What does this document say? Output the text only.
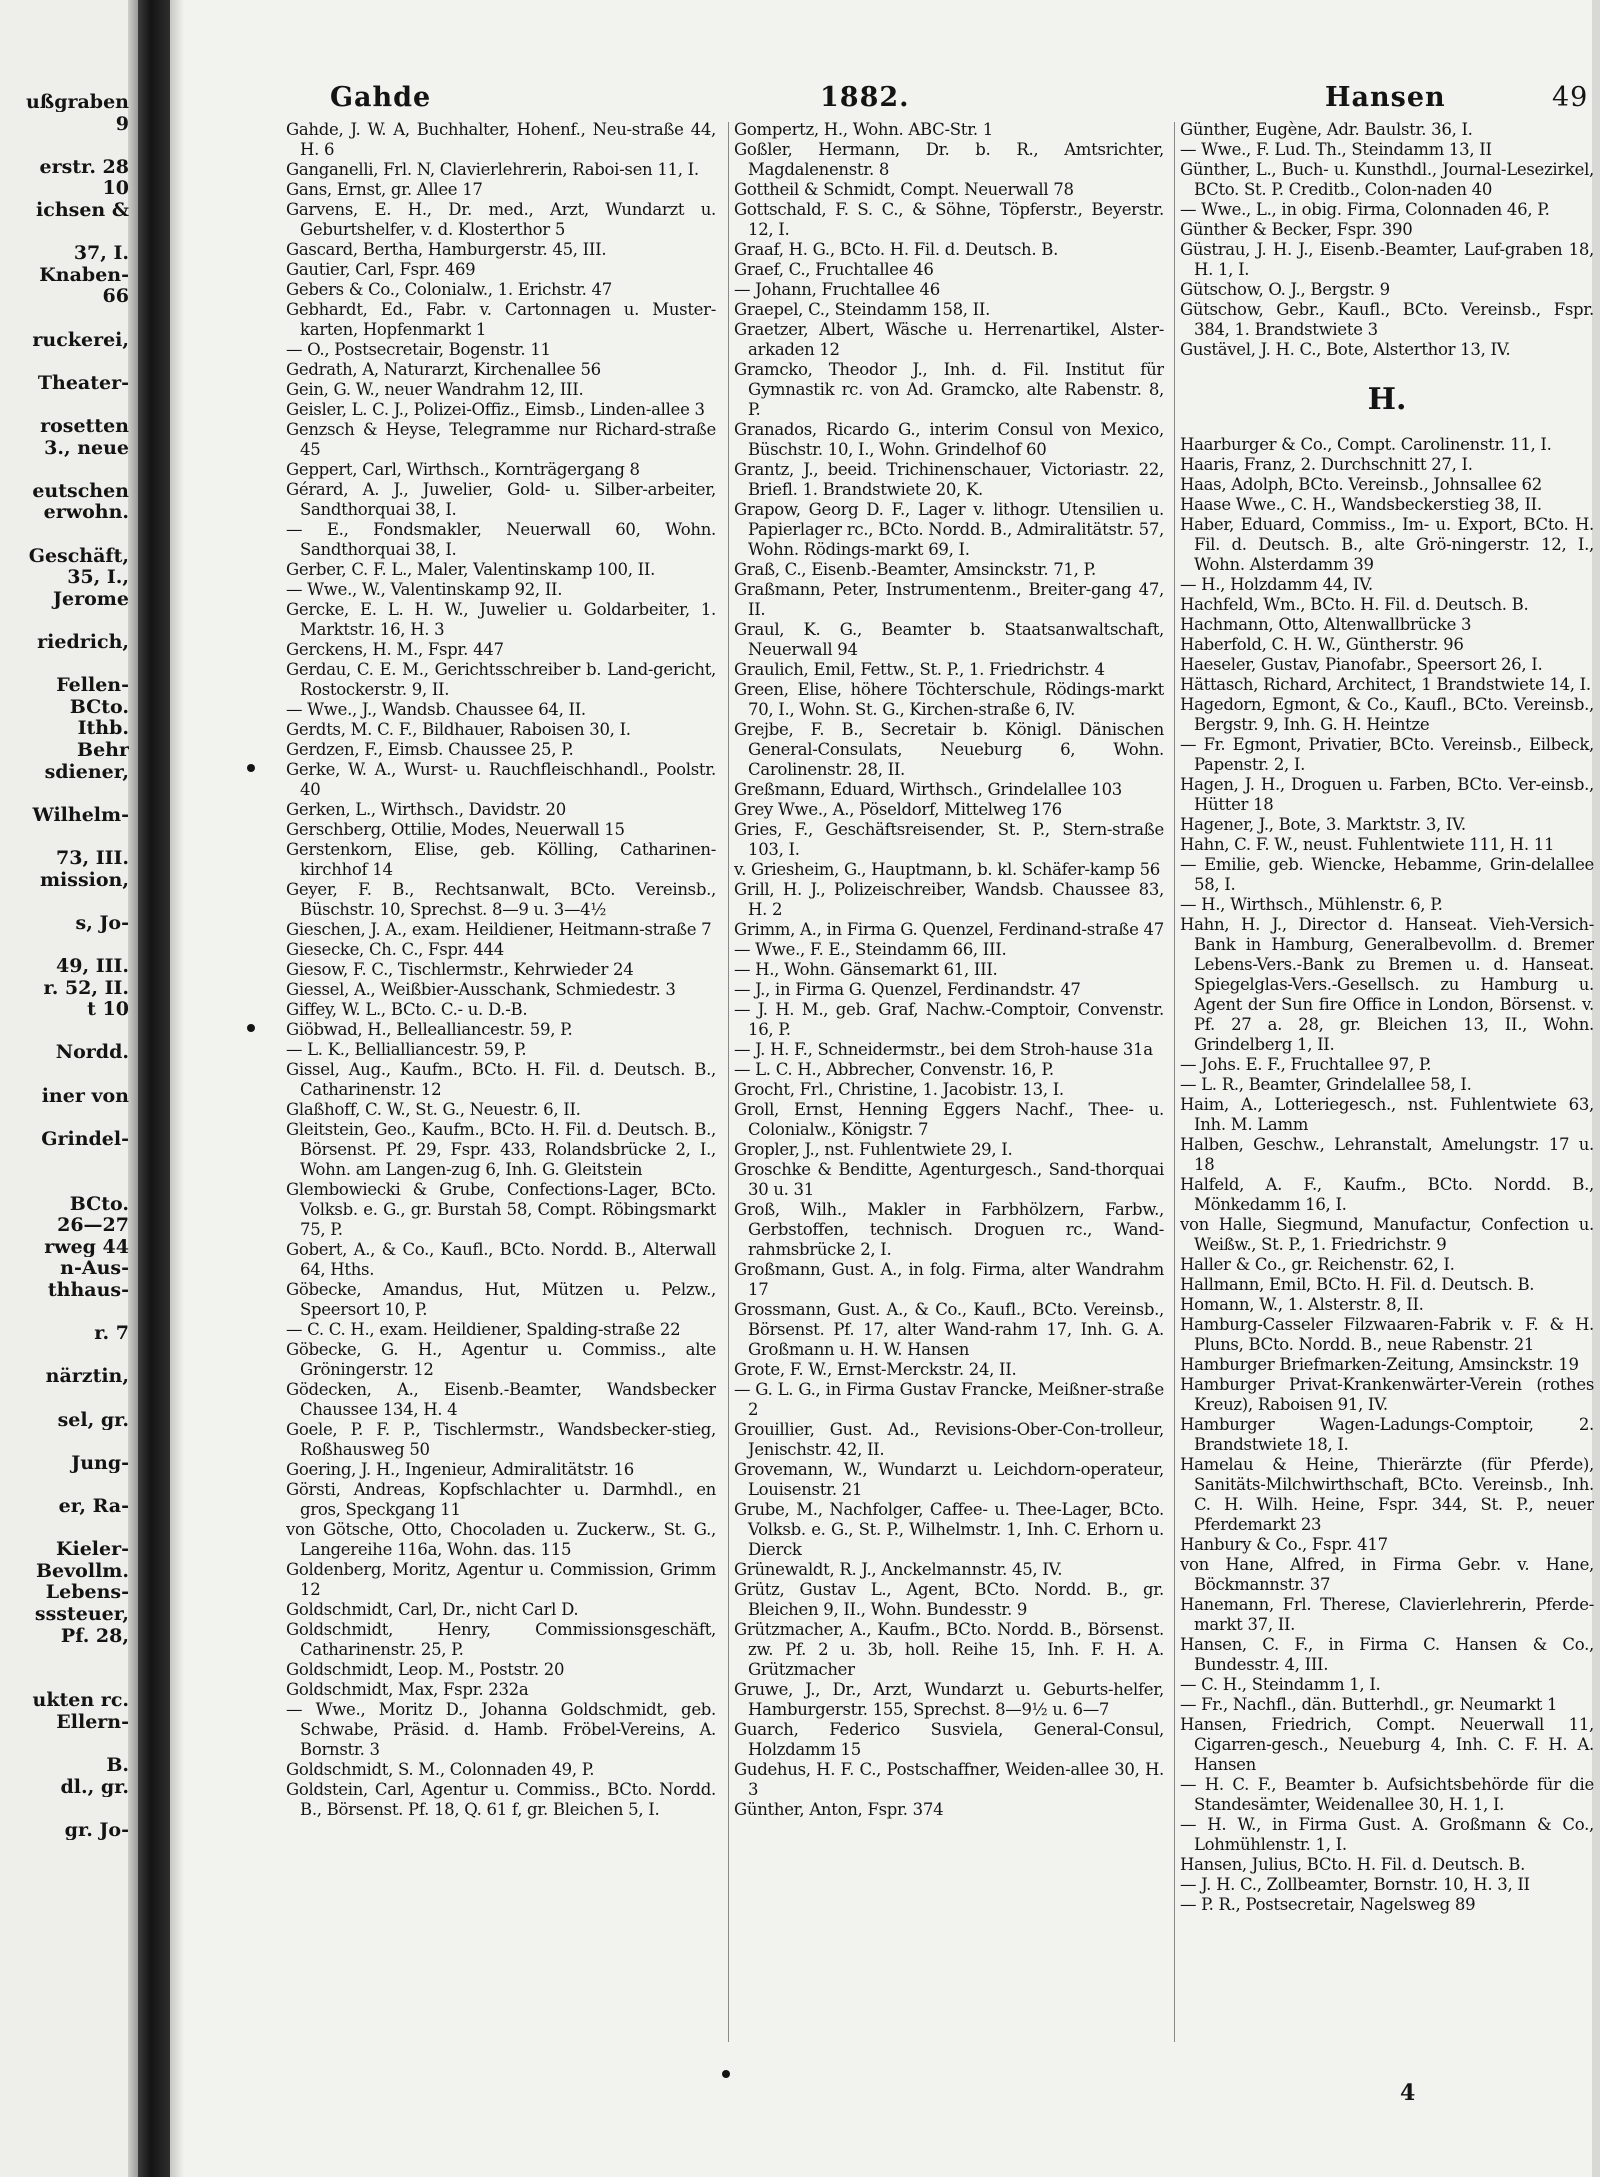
ußgraben
9
erstr. 28
10
ichsen &
37, I.
Knaben-
66
ruckerei,
Theater-
rosetten
3., neue
eutschen
erwohn.
Geschäft,
35, I.,
Jerome
riedrich,
Fellen-
BCto.
Ithb.
Behr
sdiener,
Wilhelm-
73, III.
mission,
s, Jo-
49, III.
r. 52, II.
t 10
Nordd.
iner von
Grindel-
BCto.
26—27
rweg 44
n-Aus-
thhaus-
r. 7
närztin,
sel, gr.
Jung-
er, Ra-
Kieler-
Bevollm.
Lebens-
sssteuer,
Pf. 28,
ukten rc.
Ellern-
B.
dl., gr.
gr. Jo-
Gahde	1882.	Hansen	49

Gahde, J. W. A, Buchhalter, Hohenf., Neu-straße 44, H. 6

Ganganelli, Frl. N, Clavierlehrerin, Raboi-sen 11, I.

Gans, Ernst, gr. Allee 17

Garvens, E. H., Dr. med., Arzt, Wundarzt u. Geburtshelfer, v. d. Klosterthor 5

Gascard, Bertha, Hamburgerstr. 45, III.

Gautier, Carl, Fspr. 469

Gebers & Co., Colonialw., 1. Erichstr. 47

Gebhardt, Ed., Fabr. v. Cartonnagen u. Muster-karten, Hopfenmarkt 1

— O., Postsecretair, Bogenstr. 11

Gedrath, A, Naturarzt, Kirchenallee 56

Gein, G. W., neuer Wandrahm 12, III.

Geisler, L. C. J., Polizei-Offiz., Eimsb., Linden-allee 3

Genzsch & Heyse, Telegramme nur Richard-straße 45

Geppert, Carl, Wirthsch., Kornträgergang 8

Gérard, A. J., Juwelier, Gold- u. Silber-arbeiter, Sandthorquai 38, I.

— E., Fondsmakler, Neuerwall 60, Wohn. Sandthorquai 38, I.

Gerber, C. F. L., Maler, Valentinskamp 100, II.

— Wwe., W., Valentinskamp 92, II.

Gercke, E. L. H. W., Juwelier u. Goldarbeiter, 1. Marktstr. 16, H. 3

Gerckens, H. M., Fspr. 447

Gerdau, C. E. M., Gerichtsschreiber b. Land-gericht, Rostockerstr. 9, II.

— Wwe., J., Wandsb. Chaussee 64, II.

Gerdts, M. C. F., Bildhauer, Raboisen 30, I.

Gerdzen, F., Eimsb. Chaussee 25, P.

Gerke, W. A., Wurst- u. Rauchfleischhandl., Poolstr. 40

Gerken, L., Wirthsch., Davidstr. 20

Gerschberg, Ottilie, Modes, Neuerwall 15

Gerstenkorn, Elise, geb. Kölling, Catharinen-kirchhof 14

Geyer, F. B., Rechtsanwalt, BCto. Vereinsb., Büschstr. 10, Sprechst. 8—9 u. 3—4½

Gieschen, J. A., exam. Heildiener, Heitmann-straße 7

Giesecke, Ch. C., Fspr. 444

Giesow, F. C., Tischlermstr., Kehrwieder 24

Giessel, A., Weißbier-Ausschank, Schmiedestr. 3

Giffey, W. L., BCto. C.- u. D.-B.

Giöbwad, H., Bellealliancestr. 59, P.

— L. K., Bellialliancestr. 59, P.

Gissel, Aug., Kaufm., BCto. H. Fil. d. Deutsch. B., Catharinenstr. 12

Glaßhoff, C. W., St. G., Neuestr. 6, II.

Gleitstein, Geo., Kaufm., BCto. H. Fil. d. Deutsch. B., Börsenst. Pf. 29, Fspr. 433, Rolandsbrücke 2, I., Wohn. am Langen-zug 6, Inh. G. Gleitstein

Glembowiecki & Grube, Confections-Lager, BCto. Volksb. e. G., gr. Burstah 58, Compt. Röbingsmarkt 75, P.

Gobert, A., & Co., Kaufl., BCto. Nordd. B., Alterwall 64, Hths.

Göbecke, Amandus, Hut, Mützen u. Pelzw., Speersort 10, P.

— C. C. H., exam. Heildiener, Spalding-straße 22

Göbecke, G. H., Agentur u. Commiss., alte Gröningerstr. 12

Gödecken, A., Eisenb.-Beamter, Wandsbecker Chaussee 134, H. 4

Goele, P. F. P., Tischlermstr., Wandsbecker-stieg, Roßhausweg 50

Goering, J. H., Ingenieur, Admiralitätstr. 16

Görsti, Andreas, Kopfschlachter u. Darmhdl., en gros, Speckgang 11

von Götsche, Otto, Chocoladen u. Zuckerw., St. G., Langereihe 116a, Wohn. das. 115

Goldenberg, Moritz, Agentur u. Commission, Grimm 12

Goldschmidt, Carl, Dr., nicht Carl D.

Goldschmidt, Henry, Commissionsgeschäft, Catharinenstr. 25, P.

Goldschmidt, Leop. M., Poststr. 20

Goldschmidt, Max, Fspr. 232a

— Wwe., Moritz D., Johanna Goldschmidt, geb. Schwabe, Präsid. d. Hamb. Fröbel-Vereins, A. Bornstr. 3

Goldschmidt, S. M., Colonnaden 49, P.

Goldstein, Carl, Agentur u. Commiss., BCto. Nordd. B., Börsenst. Pf. 18, Q. 61 f, gr. Bleichen 5, I.

Gompertz, H., Wohn. ABC-Str. 1

Goßler, Hermann, Dr. b. R., Amtsrichter, Magdalenenstr. 8

Gottheil & Schmidt, Compt. Neuerwall 78

Gottschald, F. S. C., & Söhne, Töpferstr., Beyerstr. 12, I.

Graaf, H. G., BCto. H. Fil. d. Deutsch. B.

Graef, C., Fruchtallee 46

— Johann, Fruchtallee 46

Graepel, C., Steindamm 158, II.

Graetzer, Albert, Wäsche u. Herrenartikel, Alster-arkaden 12

Gramcko, Theodor J., Inh. d. Fil. Institut für Gymnastik rc. von Ad. Gramcko, alte Rabenstr. 8, P.

Granados, Ricardo G., interim Consul von Mexico, Büschstr. 10, I., Wohn. Grindelhof 60

Grantz, J., beeid. Trichinenschauer, Victoriastr. 22, Briefl. 1. Brandstwiete 20, K.

Grapow, Georg D. F., Lager v. lithogr. Utensilien u. Papierlager rc., BCto. Nordd. B., Admiralitätstr. 57, Wohn. Rödings-markt 69, I.

Graß, C., Eisenb.-Beamter, Amsinckstr. 71, P.

Graßmann, Peter, Instrumentenm., Breiter-gang 47, II.

Graul, K. G., Beamter b. Staatsanwaltschaft, Neuerwall 94

Graulich, Emil, Fettw., St. P., 1. Friedrichstr. 4

Green, Elise, höhere Töchterschule, Rödings-markt 70, I., Wohn. St. G., Kirchen-straße 6, IV.

Grejbe, F. B., Secretair b. Königl. Dänischen General-Consulats, Neueburg 6, Wohn. Carolinenstr. 28, II.

Greßmann, Eduard, Wirthsch., Grindelallee 103

Grey Wwe., A., Pöseldorf, Mittelweg 176

Gries, F., Geschäftsreisender, St. P., Stern-straße 103, I.

v. Griesheim, G., Hauptmann, b. kl. Schäfer-kamp 56

Grill, H. J., Polizeischreiber, Wandsb. Chaussee 83, H. 2

Grimm, A., in Firma G. Quenzel, Ferdinand-straße 47

— Wwe., F. E., Steindamm 66, III.

— H., Wohn. Gänsemarkt 61, III.

— J., in Firma G. Quenzel, Ferdinandstr. 47

— J. H. M., geb. Graf, Nachw.-Comptoir, Convenstr. 16, P.

— J. H. F., Schneidermstr., bei dem Stroh-hause 31a

— L. C. H., Abbrecher, Convenstr. 16, P.

Grocht, Frl., Christine, 1. Jacobistr. 13, I.

Groll, Ernst, Henning Eggers Nachf., Thee- u. Colonialw., Königstr. 7

Gropler, J., nst. Fuhlentwiete 29, I.

Groschke & Benditte, Agenturgesch., Sand-thorquai 30 u. 31

Groß, Wilh., Makler in Farbhölzern, Farbw., Gerbstoffen, technisch. Droguen rc., Wand-rahmsbrücke 2, I.

Großmann, Gust. A., in folg. Firma, alter Wandrahm 17

Grossmann, Gust. A., & Co., Kaufl., BCto. Vereinsb., Börsenst. Pf. 17, alter Wand-rahm 17, Inh. G. A. Großmann u. H. W. Hansen

Grote, F. W., Ernst-Merckstr. 24, II.

— G. L. G., in Firma Gustav Francke, Meißner-straße 2

Grouillier, Gust. Ad., Revisions-Ober-Con-trolleur, Jenischstr. 42, II.

Grovemann, W., Wundarzt u. Leichdorn-operateur, Louisenstr. 21

Grube, M., Nachfolger, Caffee- u. Thee-Lager, BCto. Volksb. e. G., St. P., Wilhelmstr. 1, Inh. C. Erhorn u. Dierck

Grünewaldt, R. J., Anckelmannstr. 45, IV.

Grütz, Gustav L., Agent, BCto. Nordd. B., gr. Bleichen 9, II., Wohn. Bundesstr. 9

Grützmacher, A., Kaufm., BCto. Nordd. B., Börsenst. zw. Pf. 2 u. 3b, holl. Reihe 15, Inh. F. H. A. Grützmacher

Gruwe, J., Dr., Arzt, Wundarzt u. Geburts-helfer, Hamburgerstr. 155, Sprechst. 8—9½ u. 6—7

Guarch, Federico Susviela, General-Consul, Holzdamm 15

Gudehus, H. F. C., Postschaffner, Weiden-allee 30, H. 3

Günther, Anton, Fspr. 374

Günther, Eugène, Adr. Baulstr. 36, I.

— Wwe., F. Lud. Th., Steindamm 13, II

Günther, L., Buch- u. Kunsthdl., Journal-Lesezirkel, BCto. St. P. Creditb., Colon-naden 40

— Wwe., L., in obig. Firma, Colonnaden 46, P.

Günther & Becker, Fspr. 390

Güstrau, J. H. J., Eisenb.-Beamter, Lauf-graben 18, H. 1, I.

Gütschow, O. J., Bergstr. 9

Gütschow, Gebr., Kaufl., BCto. Vereinsb., Fspr. 384, 1. Brandstwiete 3

Gustävel, J. H. C., Bote, Alsterthor 13, IV.

H.

Haarburger & Co., Compt. Carolinenstr. 11, I.

Haaris, Franz, 2. Durchschnitt 27, I.

Haas, Adolph, BCto. Vereinsb., Johnsallee 62

Haase Wwe., C. H., Wandsbeckerstieg 38, II.

Haber, Eduard, Commiss., Im- u. Export, BCto. H. Fil. d. Deutsch. B., alte Grö-ningerstr. 12, I., Wohn. Alsterdamm 39

— H., Holzdamm 44, IV.

Hachfeld, Wm., BCto. H. Fil. d. Deutsch. B.

Hachmann, Otto, Altenwallbrücke 3

Haberfold, C. H. W., Güntherstr. 96

Haeseler, Gustav, Pianofabr., Speersort 26, I.

Hättasch, Richard, Architect, 1 Brandstwiete 14, I.

Hagedorn, Egmont, & Co., Kaufl., BCto. Vereinsb., Bergstr. 9, Inh. G. H. Heintze

— Fr. Egmont, Privatier, BCto. Vereinsb., Eilbeck, Papenstr. 2, I.

Hagen, J. H., Droguen u. Farben, BCto. Ver-einsb., Hütter 18

Hagener, J., Bote, 3. Marktstr. 3, IV.

Hahn, C. F. W., neust. Fuhlentwiete 111, H. 11

— Emilie, geb. Wiencke, Hebamme, Grin-delallee 58, I.

— H., Wirthsch., Mühlenstr. 6, P.

Hahn, H. J., Director d. Hanseat. Vieh-Versich-Bank in Hamburg, Generalbevollm. d. Bremer Lebens-Vers.-Bank zu Bremen u. d. Hanseat. Spiegelglas-Vers.-Gesellsch. zu Hamburg u. Agent der Sun fire Office in London, Börsenst. v. Pf. 27 a. 28, gr. Bleichen 13, II., Wohn. Grindelberg 1, II.

— Johs. E. F., Fruchtallee 97, P.

— L. R., Beamter, Grindelallee 58, I.

Haim, A., Lotteriegesch., nst. Fuhlentwiete 63, Inh. M. Lamm

Halben, Geschw., Lehranstalt, Amelungstr. 17 u. 18

Halfeld, A. F., Kaufm., BCto. Nordd. B., Mönkedamm 16, I.

von Halle, Siegmund, Manufactur, Confection u. Weißw., St. P., 1. Friedrichstr. 9

Haller & Co., gr. Reichenstr. 62, I.

Hallmann, Emil, BCto. H. Fil. d. Deutsch. B.

Homann, W., 1. Alsterstr. 8, II.

Hamburg-Casseler Filzwaaren-Fabrik v. F. & H. Pluns, BCto. Nordd. B., neue Rabenstr. 21

Hamburger Briefmarken-Zeitung, Amsinckstr. 19

Hamburger Privat-Krankenwärter-Verein (rothes Kreuz), Raboisen 91, IV.

Hamburger Wagen-Ladungs-Comptoir, 2. Brandstwiete 18, I.

Hamelau & Heine, Thierärzte (für Pferde), Sanitäts-Milchwirthschaft, BCto. Vereinsb., Inh. C. H. Wilh. Heine, Fspr. 344, St. P., neuer Pferdemarkt 23

Hanbury & Co., Fspr. 417

von Hane, Alfred, in Firma Gebr. v. Hane, Böckmannstr. 37

Hanemann, Frl. Therese, Clavierlehrerin, Pferde-markt 37, II.

Hansen, C. F., in Firma C. Hansen & Co., Bundesstr. 4, III.

— C. H., Steindamm 1, I.

— Fr., Nachfl., dän. Butterhdl., gr. Neumarkt 1

Hansen, Friedrich, Compt. Neuerwall 11, Cigarren-gesch., Neueburg 4, Inh. C. F. H. A. Hansen

— H. C. F., Beamter b. Aufsichtsbehörde für die Standesämter, Weidenallee 30, H. 1, I.

— H. W., in Firma Gust. A. Großmann & Co., Lohmühlenstr. 1, I.

Hansen, Julius, BCto. H. Fil. d. Deutsch. B.

— J. H. C., Zollbeamter, Bornstr. 10, H. 3, II

— P. R., Postsecretair, Nagelsweg 89

4
